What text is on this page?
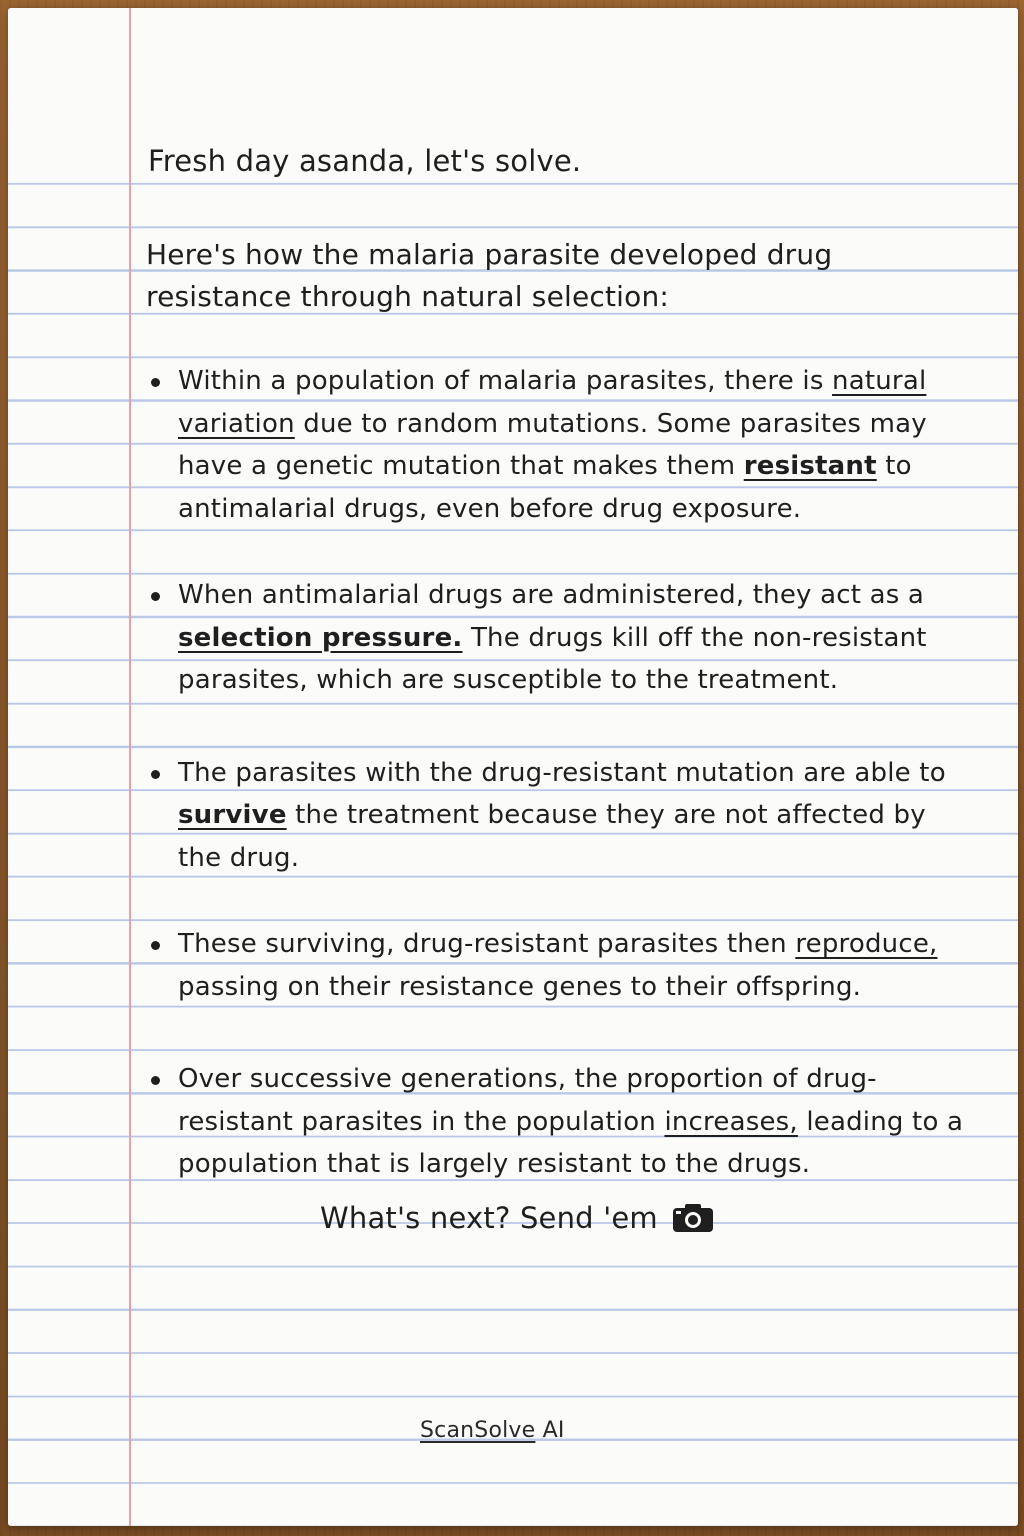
Fresh day asanda, let's solve.
Here's how the malaria parasite developed drug resistance through natural selection:
Within a population of malaria parasites, there is natural variation due to random mutations. Some parasites may have a genetic mutation that makes them resistant to antimalarial drugs, even before drug exposure.
When antimalarial drugs are administered, they act as a selection pressure. The drugs kill off the non-resistant parasites, which are susceptible to the treatment.
The parasites with the drug-resistant mutation are able to survive the treatment because they are not affected by the drug.
These surviving, drug-resistant parasites then reproduce, passing on their resistance genes to their offspring.
Over successive generations, the proportion of drug-resistant parasites in the population increases, leading to a population that is largely resistant to the drugs.
What's next? Send 'em
ScanSolve AI
